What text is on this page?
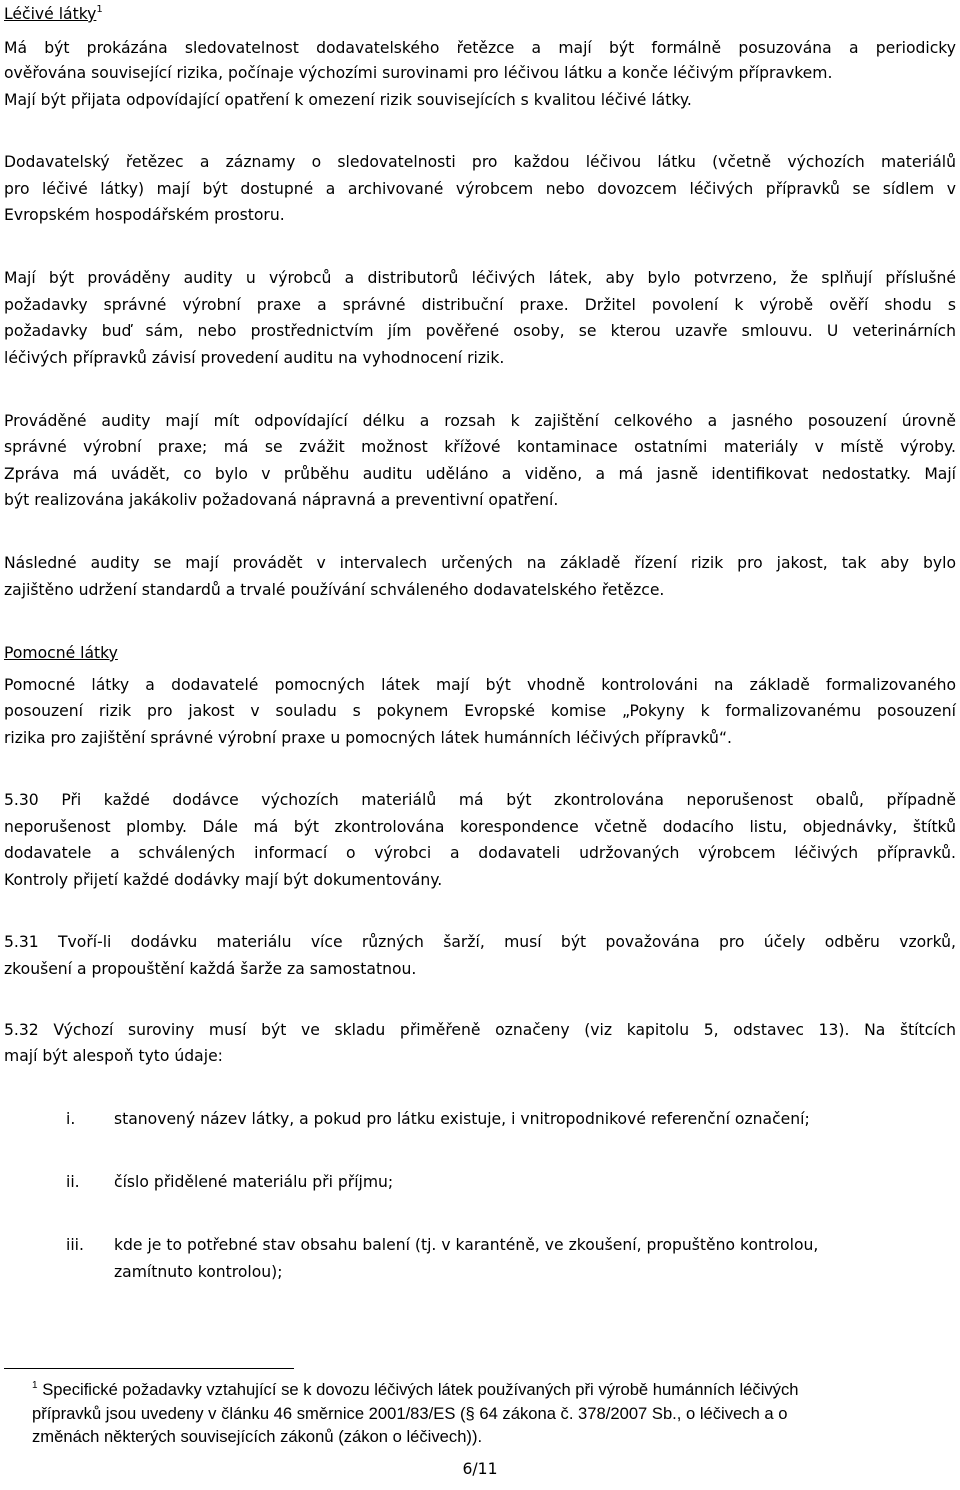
Léčivé látky$^1$
Má být prokázána sledovatelnost dodavatelského řetězce a mají být formálně posuzována a periodicky
ověřována související rizika, počínaje výchozími surovinami pro léčivou látku a konče léčivým přípravkem.
Mají být přijata odpovídající opatření k omezení rizik souvisejících s kvalitou léčivé látky.
Dodavatelský řetězec a záznamy o sledovatelnosti pro každou léčivou látku (včetně výchozích materiálů
pro léčivé látky) mají být dostupné a archivované výrobcem nebo dovozcem léčivých přípravků se sídlem v
Evropském hospodářském prostoru.
Mají být prováděny audity u výrobců a distributorů léčivých látek, aby bylo potvrzeno, že splňují příslušné
požadavky správné výrobní praxe a správné distribuční praxe. Držitel povolení k výrobě ověří shodu s
požadavky buď sám, nebo prostřednictvím jím pověřené osoby, se kterou uzavře smlouvu. U veterinárních
léčivých přípravků závisí provedení auditu na vyhodnocení rizik.
Prováděné audity mají mít odpovídající délku a rozsah k zajištění celkového a jasného posouzení úrovně
správné výrobní praxe; má se zvážit možnost křížové kontaminace ostatními materiály v místě výroby.
Zpráva má uvádět, co bylo v průběhu auditu uděláno a viděno, a má jasně identifikovat nedostatky. Mají
být realizována jakákoliv požadovaná nápravná a preventivní opatření.
Následné audity se mají provádět v intervalech určených na základě řízení rizik pro jakost, tak aby bylo
zajištěno udržení standardů a trvalé používání schváleného dodavatelského řetězce.
Pomocné látky
Pomocné látky a dodavatelé pomocných látek mají být vhodně kontrolováni na základě formalizovaného
posouzení rizik pro jakost v souladu s pokynem Evropské komise „Pokyny k formalizovanému posouzení
rizika pro zajištění správné výrobní praxe u pomocných látek humánních léčivých přípravků“.
5.30 Při každé dodávce výchozích materiálů má být zkontrolována neporušenost obalů, případně
neporušenost plomby. Dále má být zkontrolována korespondence včetně dodacího listu, objednávky, štítků
dodavatele a schválených informací o výrobci a dodavateli udržovaných výrobcem léčivých přípravků.
Kontroly přijetí každé dodávky mají být dokumentovány.
5.31 Tvoří-li dodávku materiálu více různých šarží, musí být považována pro účely odběru vzorků,
zkoušení a propouštění každá šarže za samostatnou.
5.32 Výchozí suroviny musí být ve skladu přiměřeně označeny (viz kapitolu 5, odstavec 13). Na štítcích
mají být alespoň tyto údaje:
i.	stanovený název látky, a pokud pro látku existuje, i vnitropodnikové referenční označení;
ii.	číslo přidělené materiálu při příjmu;
iii.	kde je to potřebné stav obsahu balení (tj. v karanténě, ve zkoušení, propuštěno kontrolou,
zamítnuto kontrolou);
$^1$ Specifické požadavky vztahující se k dovozu léčivých látek používaných při výrobě humánních léčivých
přípravků jsou uvedeny v článku 46 směrnice 2001/83/ES (§ 64 zákona č. 378/2007 Sb., o léčivech a o
změnách některých souvisejících zákonů (zákon o léčivech)).
6/11
